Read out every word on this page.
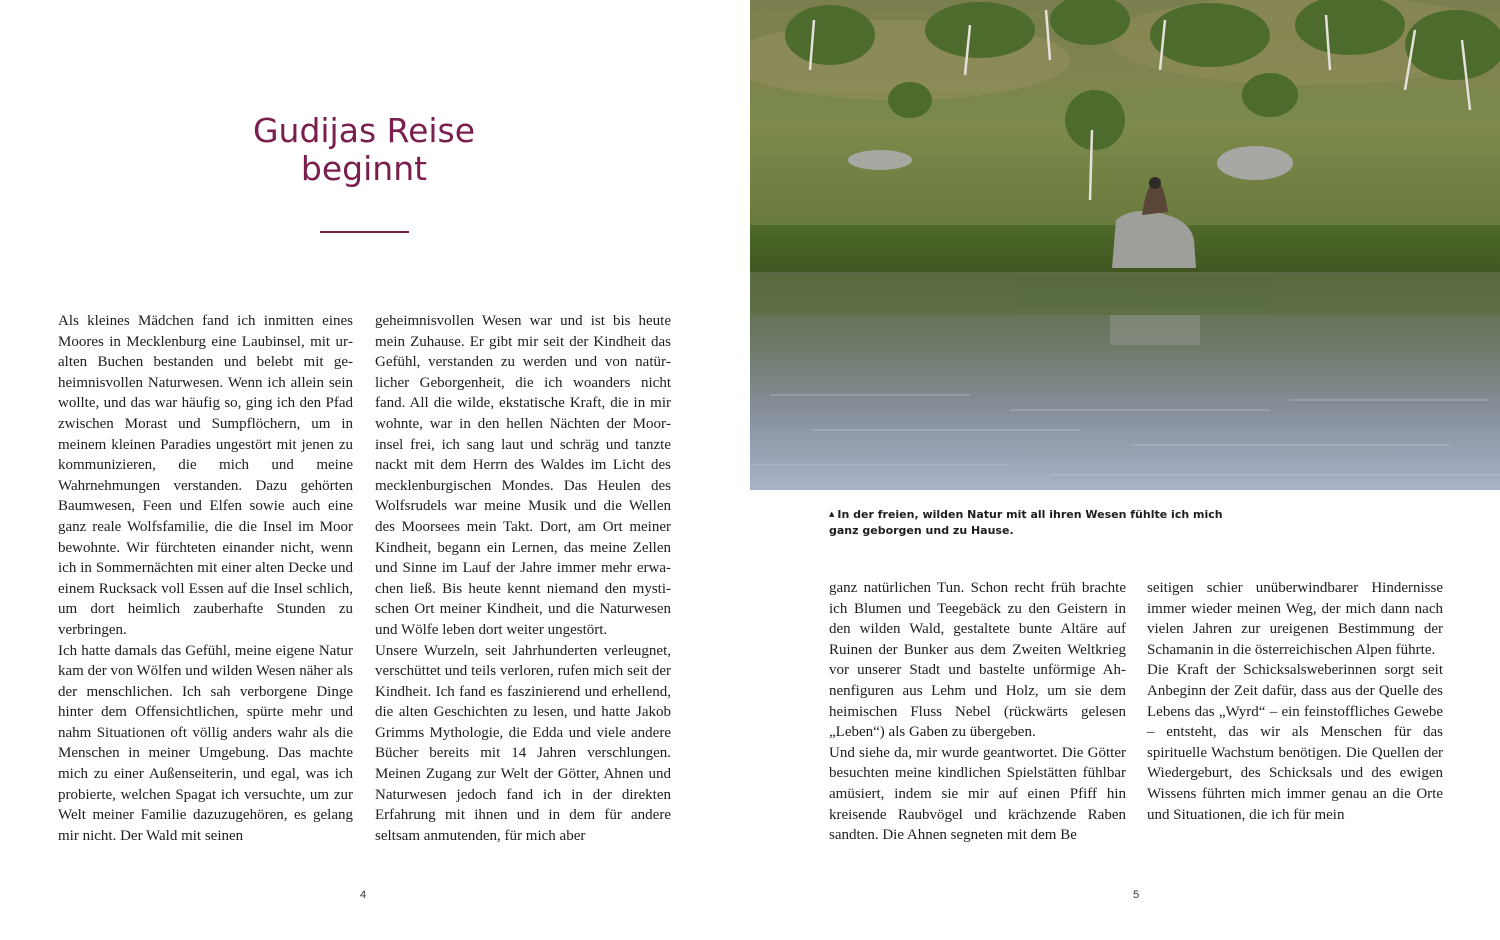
Gudijas Reise
beginnt

Als kleines Mädchen fand ich inmitten eines Moores in Mecklenburg eine Laubinsel, mit uralten Buchen bestanden und belebt mit geheimnisvollen Naturwesen. Wenn ich allein sein wollte, und das war häufig so, ging ich den Pfad zwischen Morast und Sumpflöchern, um in meinem kleinen Paradies ungestört mit jenen zu kommunizieren, die mich und meine Wahrnehmungen verstanden. Dazu gehörten Baumwesen, Feen und Elfen sowie auch eine ganz reale Wolfsfamilie, die die Insel im Moor bewohnte. Wir fürchteten einander nicht, wenn ich in Sommernächten mit einer alten Decke und einem Rucksack voll Essen auf die Insel schlich, um dort heimlich zauberhafte Stunden zu verbringen.

Ich hatte damals das Gefühl, meine eigene Natur kam der von Wölfen und wilden Wesen näher als der menschlichen. Ich sah verborgene Dinge hinter dem Offensichtlichen, spürte mehr und nahm Situationen oft völlig anders wahr als die Menschen in meiner Umgebung. Das machte mich zu einer Außenseiterin, und egal, was ich probierte, welchen Spagat ich versuchte, um zur Welt meiner Familie dazuzugehören, es gelang mir nicht. Der Wald mit seinen

geheimnisvollen Wesen war und ist bis heute mein Zuhause. Er gibt mir seit der Kindheit das Gefühl, verstanden zu werden und von natürlicher Geborgenheit, die ich woanders nicht fand. All die wilde, ekstatische Kraft, die in mir wohnte, war in den hellen Nächten der Moorinsel frei, ich sang laut und schräg und tanzte nackt mit dem Herrn des Waldes im Licht des mecklenburgischen Mondes. Das Heulen des Wolfsrudels war meine Musik und die Wellen des Moorsees mein Takt. Dort, am Ort meiner Kindheit, begann ein Lernen, das meine Zellen und Sinne im Lauf der Jahre immer mehr erwachen ließ. Bis heute kennt niemand den mystischen Ort meiner Kindheit, und die Naturwesen und Wölfe leben dort weiter ungestört.

Unsere Wurzeln, seit Jahrhunderten verleugnet, verschüttet und teils verloren, rufen mich seit der Kindheit. Ich fand es faszinierend und erhellend, die alten Geschichten zu lesen, und hatte Jakob Grimms Mythologie, die Edda und viele andere Bücher bereits mit 14 Jahren verschlungen. Meinen Zugang zur Welt der Götter, Ahnen und Naturwesen jedoch fand ich in der direkten Erfahrung mit ihnen und in dem für andere seltsam anmutenden, für mich aber

4
▲ In der freien, wilden Natur mit all ihren Wesen fühlte ich mich ganz geborgen und zu Hause.

ganz natürlichen Tun. Schon recht früh brachte ich Blumen und Teegebäck zu den Geistern in den wilden Wald, gestaltete bunte Altäre auf Ruinen der Bunker aus dem Zweiten Weltkrieg vor unserer Stadt und bastelte unförmige Ahnenfiguren aus Lehm und Holz, um sie dem heimischen Fluss Nebel (rückwärts gelesen „Leben“) als Gaben zu übergeben.

Und siehe da, mir wurde geantwortet. Die Götter besuchten meine kindlichen Spielstätten fühlbar amüsiert, indem sie mir auf einen Pfiff hin kreisende Raubvögel und krächzende Raben sandten. Die Ahnen segneten mit dem Be

seitigen schier unüberwindbarer Hindernisse immer wieder meinen Weg, der mich dann nach vielen Jahren zur ureigenen Bestimmung der Schamanin in die österreichischen Alpen führte.

Die Kraft der Schicksalsweberinnen sorgt seit Anbeginn der Zeit dafür, dass aus der Quelle des Lebens das „Wyrd“ – ein feinstoffliches Gewebe – entsteht, das wir als Menschen für das spirituelle Wachstum benötigen. Die Quellen der Wiedergeburt, des Schicksals und des ewigen Wissens führten mich immer genau an die Orte und Situationen, die ich für mein

5
